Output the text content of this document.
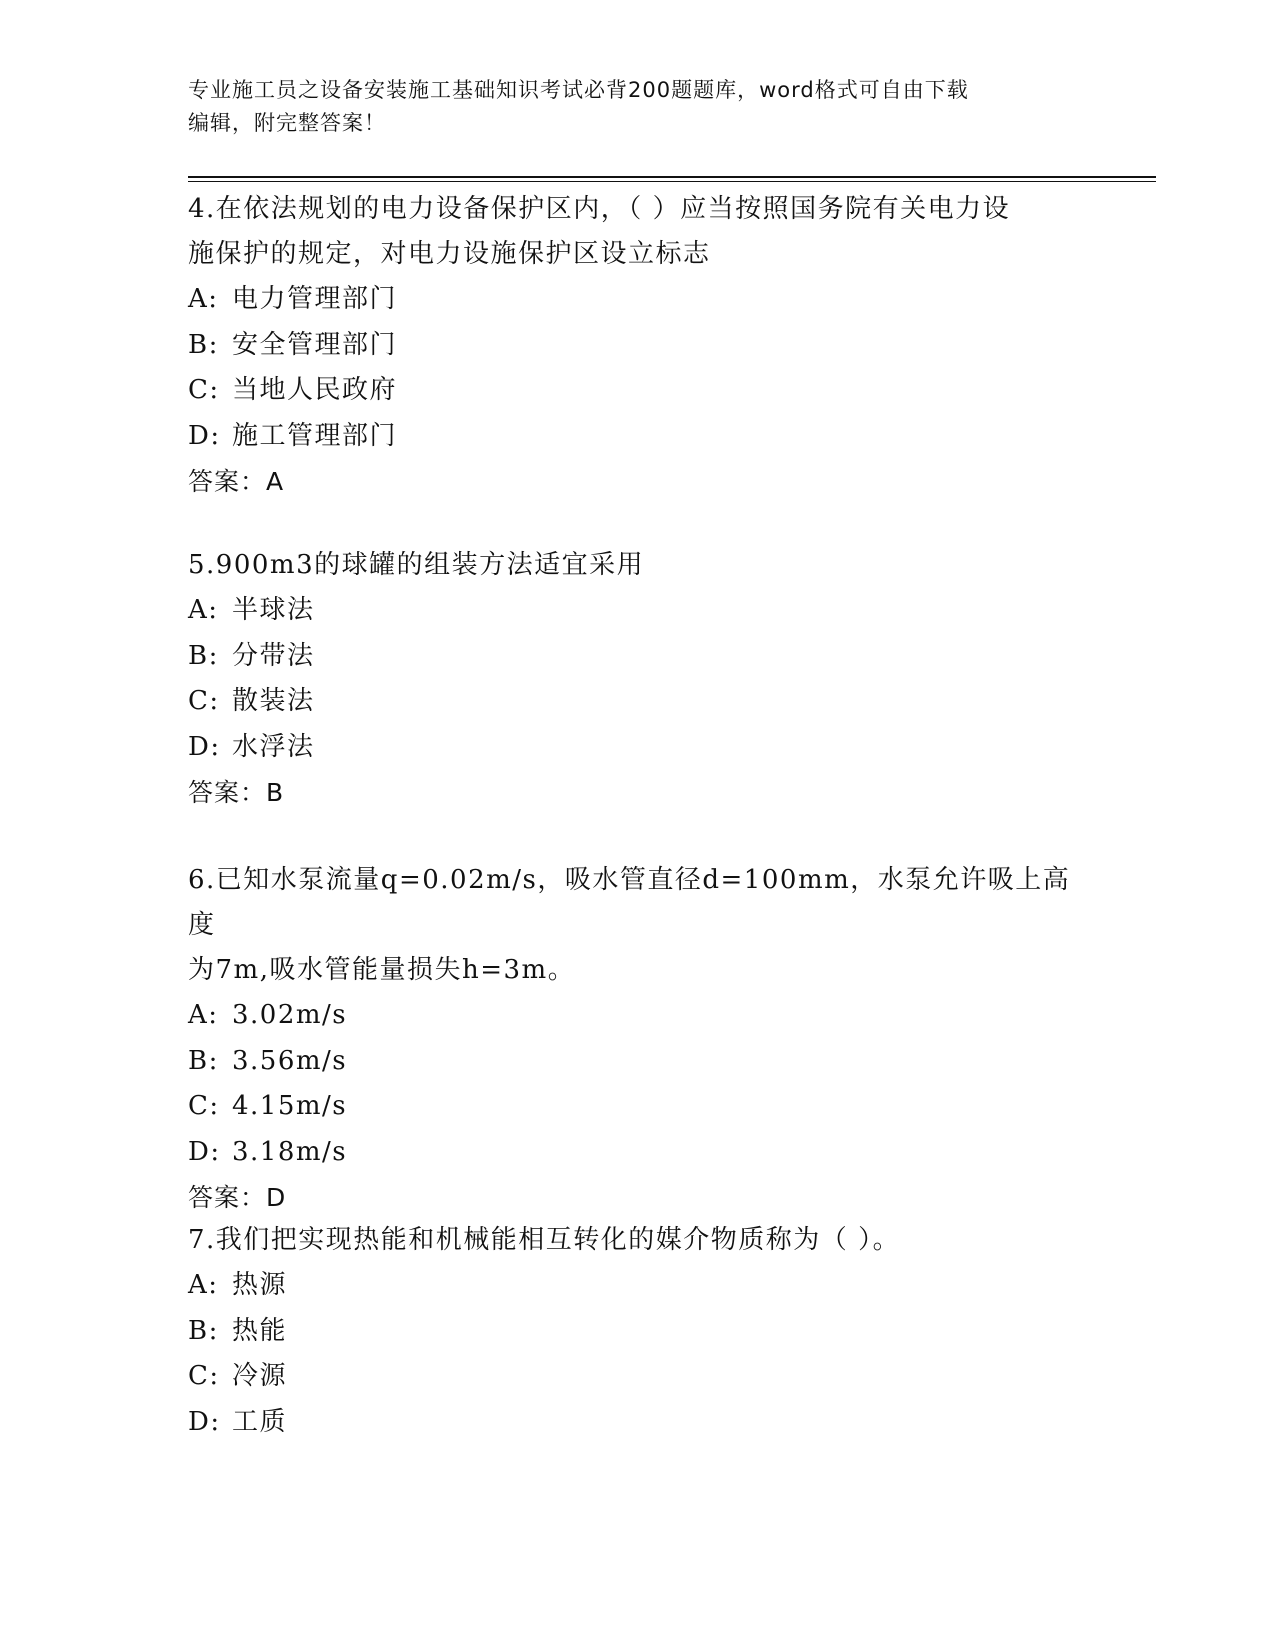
专业施工员之设备安装施工基础知识考试必背200题题库，word格式可自由下载
编辑，附完整答案！
4.在依法规划的电力设备保护区内，（ ）应当按照国务院有关电力设
施保护的规定，对电力设施保护区设立标志
A: 电力管理部门
B: 安全管理部门
C: 当地人民政府
D: 施工管理部门
答案：A
5.900m3的球罐的组装方法适宜采用
A: 半球法
B: 分带法
C: 散装法
D: 水浮法
答案：B
6.已知水泵流量q=0.02m/s，吸水管直径d=100mm，水泵允许吸上高度
为7m,吸水管能量损失h=3m。
A: 3.02m/s
B: 3.56m/s
C: 4.15m/s
D: 3.18m/s
答案：D
7.我们把实现热能和机械能相互转化的媒介物质称为（ ）。
A: 热源
B: 热能
C: 冷源
D: 工质
